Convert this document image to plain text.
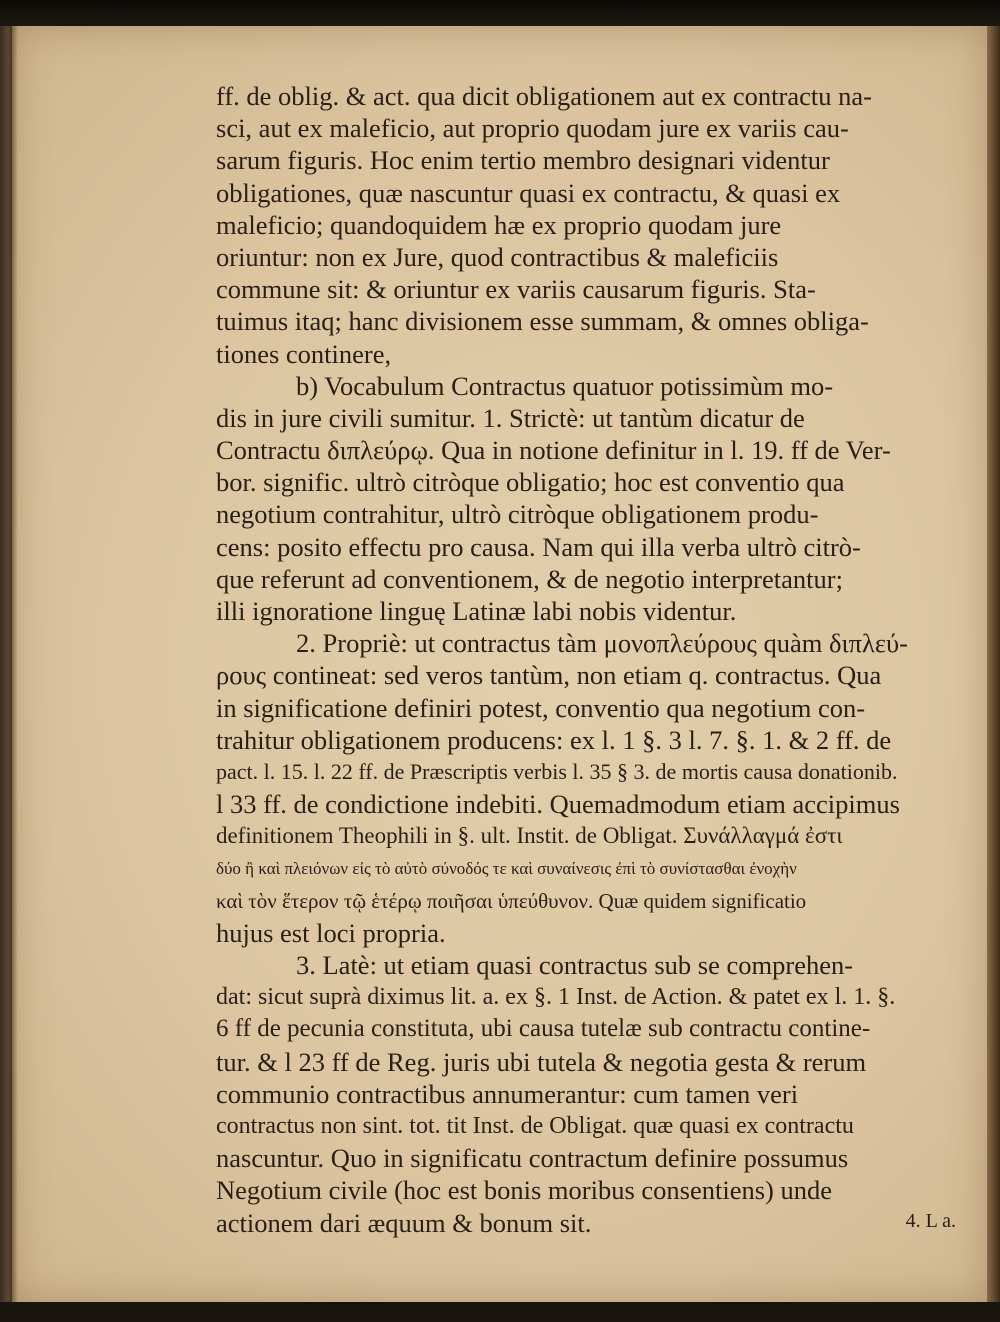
ff. de oblig. & act. qua dicit obligationem aut ex contractu na-
sci, aut ex maleficio, aut proprio quodam jure ex variis cau-
sarum figuris. Hoc enim tertio membro designari videntur
obligationes, quæ nascuntur quasi ex contractu, & quasi ex
maleficio; quandoquidem hæ ex proprio quodam jure
oriuntur: non ex Jure, quod contractibus & maleficiis
commune sit: & oriuntur ex variis causarum figuris. Sta-
tuimus itaq; hanc divisionem esse summam, & omnes obliga-
tiones continere,
b) Vocabulum Contractus quatuor potissimùm mo-
dis in jure civili sumitur. 1. Strictè: ut tantùm dicatur de
Contractu διπλεύρῳ. Qua in notione definitur in l. 19. ff de Ver-
bor. signific. ultrò citròque obligatio; hoc est conventio qua
negotium contrahitur, ultrò citròque obligationem produ-
cens: posito effectu pro causa. Nam qui illa verba ultrò citrò-
que referunt ad conventionem, & de negotio interpretantur;
illi ignoratione linguę Latinæ labi nobis videntur.
2. Propriè: ut contractus tàm μονοπλεύρους quàm διπλεύ-
ρους contineat: sed veros tantùm, non etiam q. contractus. Qua
in significatione definiri potest, conventio qua negotium con-
trahitur obligationem producens: ex l. 1 §. 3 l. 7. §. 1. & 2 ff. de
pact. l. 15. l. 22 ff. de Præscriptis verbis l. 35 § 3. de mortis causa donationib.
l 33 ff. de condictione indebiti. Quemadmodum etiam accipimus
definitionem Theophili in §. ult. Instit. de Obligat. Συνάλλαγμά ἐστι
δύο ἢ καὶ πλειόνων εἰς τὸ αὐτὸ σύνοδός τε καὶ συναίνεσις ἐπὶ τὸ συνίστασθαι ἐνοχὴν
καὶ τὸν ἕτερον τῷ ἑτέρῳ ποιῆσαι ὑπεύθυνον. Quæ quidem significatio
hujus est loci propria.
3. Latè: ut etiam quasi contractus sub se comprehen-
dat: sicut suprà diximus lit. a. ex §. 1 Inst. de Action. & patet ex l. 1. §.
6 ff de pecunia constituta, ubi causa tutelæ sub contractu contine-
tur. & l 23 ff de Reg. juris ubi tutela & negotia gesta & rerum
communio contractibus annumerantur: cum tamen veri
contractus non sint. tot. tit Inst. de Obligat. quæ quasi ex contractu
nascuntur. Quo in significatu contractum definire possumus
Negotium civile (hoc est bonis moribus consentiens) unde
actionem dari æquum & bonum sit.	4. L a.
